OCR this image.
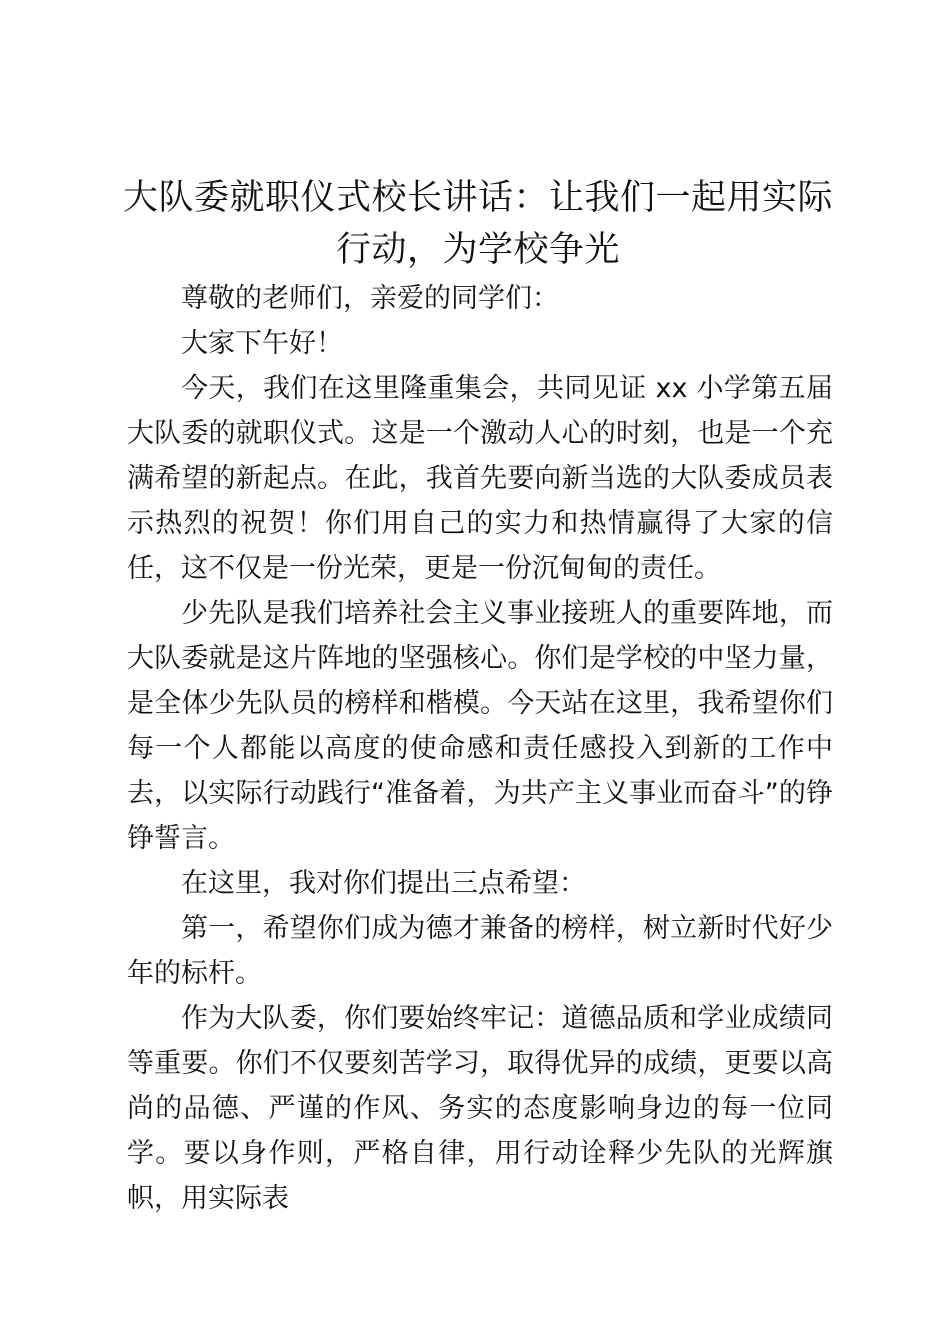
大队委就职仪式校长讲话：让我们一起用实际行动，为学校争光

尊敬的老师们，亲爱的同学们：

大家下午好！

今天，我们在这里隆重集会，共同见证 xx 小学第五届大队委的就职仪式。这是一个激动人心的时刻，也是一个充满希望的新起点。在此，我首先要向新当选的大队委成员表示热烈的祝贺！你们用自己的实力和热情赢得了大家的信任，这不仅是一份光荣，更是一份沉甸甸的责任。

少先队是我们培养社会主义事业接班人的重要阵地，而大队委就是这片阵地的坚强核心。你们是学校的中坚力量，是全体少先队员的榜样和楷模。今天站在这里，我希望你们每一个人都能以高度的使命感和责任感投入到新的工作中去，以实际行动践行“准备着，为共产主义事业而奋斗”的铮铮誓言。

在这里，我对你们提出三点希望：

第一，希望你们成为德才兼备的榜样，树立新时代好少年的标杆。

作为大队委，你们要始终牢记：道德品质和学业成绩同等重要。你们不仅要刻苦学习，取得优异的成绩，更要以高尚的品德、严谨的作风、务实的态度影响身边的每一位同学。要以身作则，严格自律，用行动诠释少先队的光辉旗帜，用实际表
